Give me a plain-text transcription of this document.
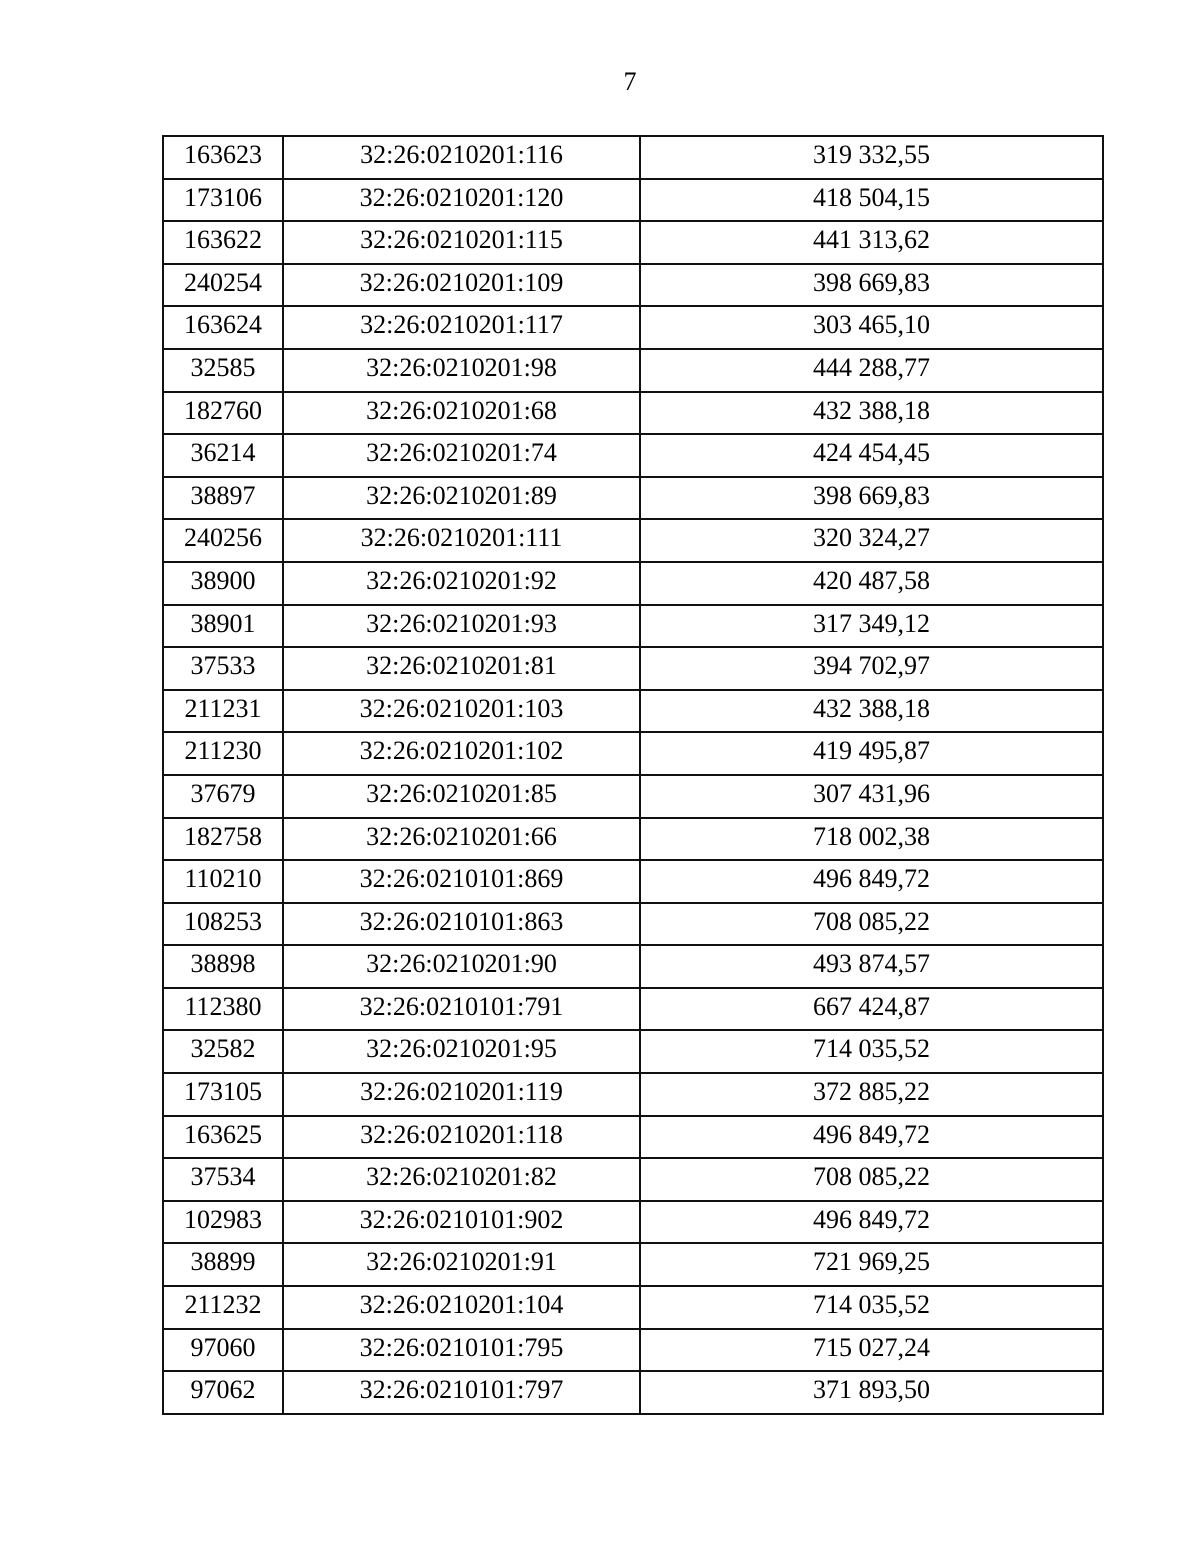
7
163623	32:26:0210201:116	319 332,55
173106	32:26:0210201:120	418 504,15
163622	32:26:0210201:115	441 313,62
240254	32:26:0210201:109	398 669,83
163624	32:26:0210201:117	303 465,10
32585	32:26:0210201:98	444 288,77
182760	32:26:0210201:68	432 388,18
36214	32:26:0210201:74	424 454,45
38897	32:26:0210201:89	398 669,83
240256	32:26:0210201:111	320 324,27
38900	32:26:0210201:92	420 487,58
38901	32:26:0210201:93	317 349,12
37533	32:26:0210201:81	394 702,97
211231	32:26:0210201:103	432 388,18
211230	32:26:0210201:102	419 495,87
37679	32:26:0210201:85	307 431,96
182758	32:26:0210201:66	718 002,38
110210	32:26:0210101:869	496 849,72
108253	32:26:0210101:863	708 085,22
38898	32:26:0210201:90	493 874,57
112380	32:26:0210101:791	667 424,87
32582	32:26:0210201:95	714 035,52
173105	32:26:0210201:119	372 885,22
163625	32:26:0210201:118	496 849,72
37534	32:26:0210201:82	708 085,22
102983	32:26:0210101:902	496 849,72
38899	32:26:0210201:91	721 969,25
211232	32:26:0210201:104	714 035,52
97060	32:26:0210101:795	715 027,24
97062	32:26:0210101:797	371 893,50
